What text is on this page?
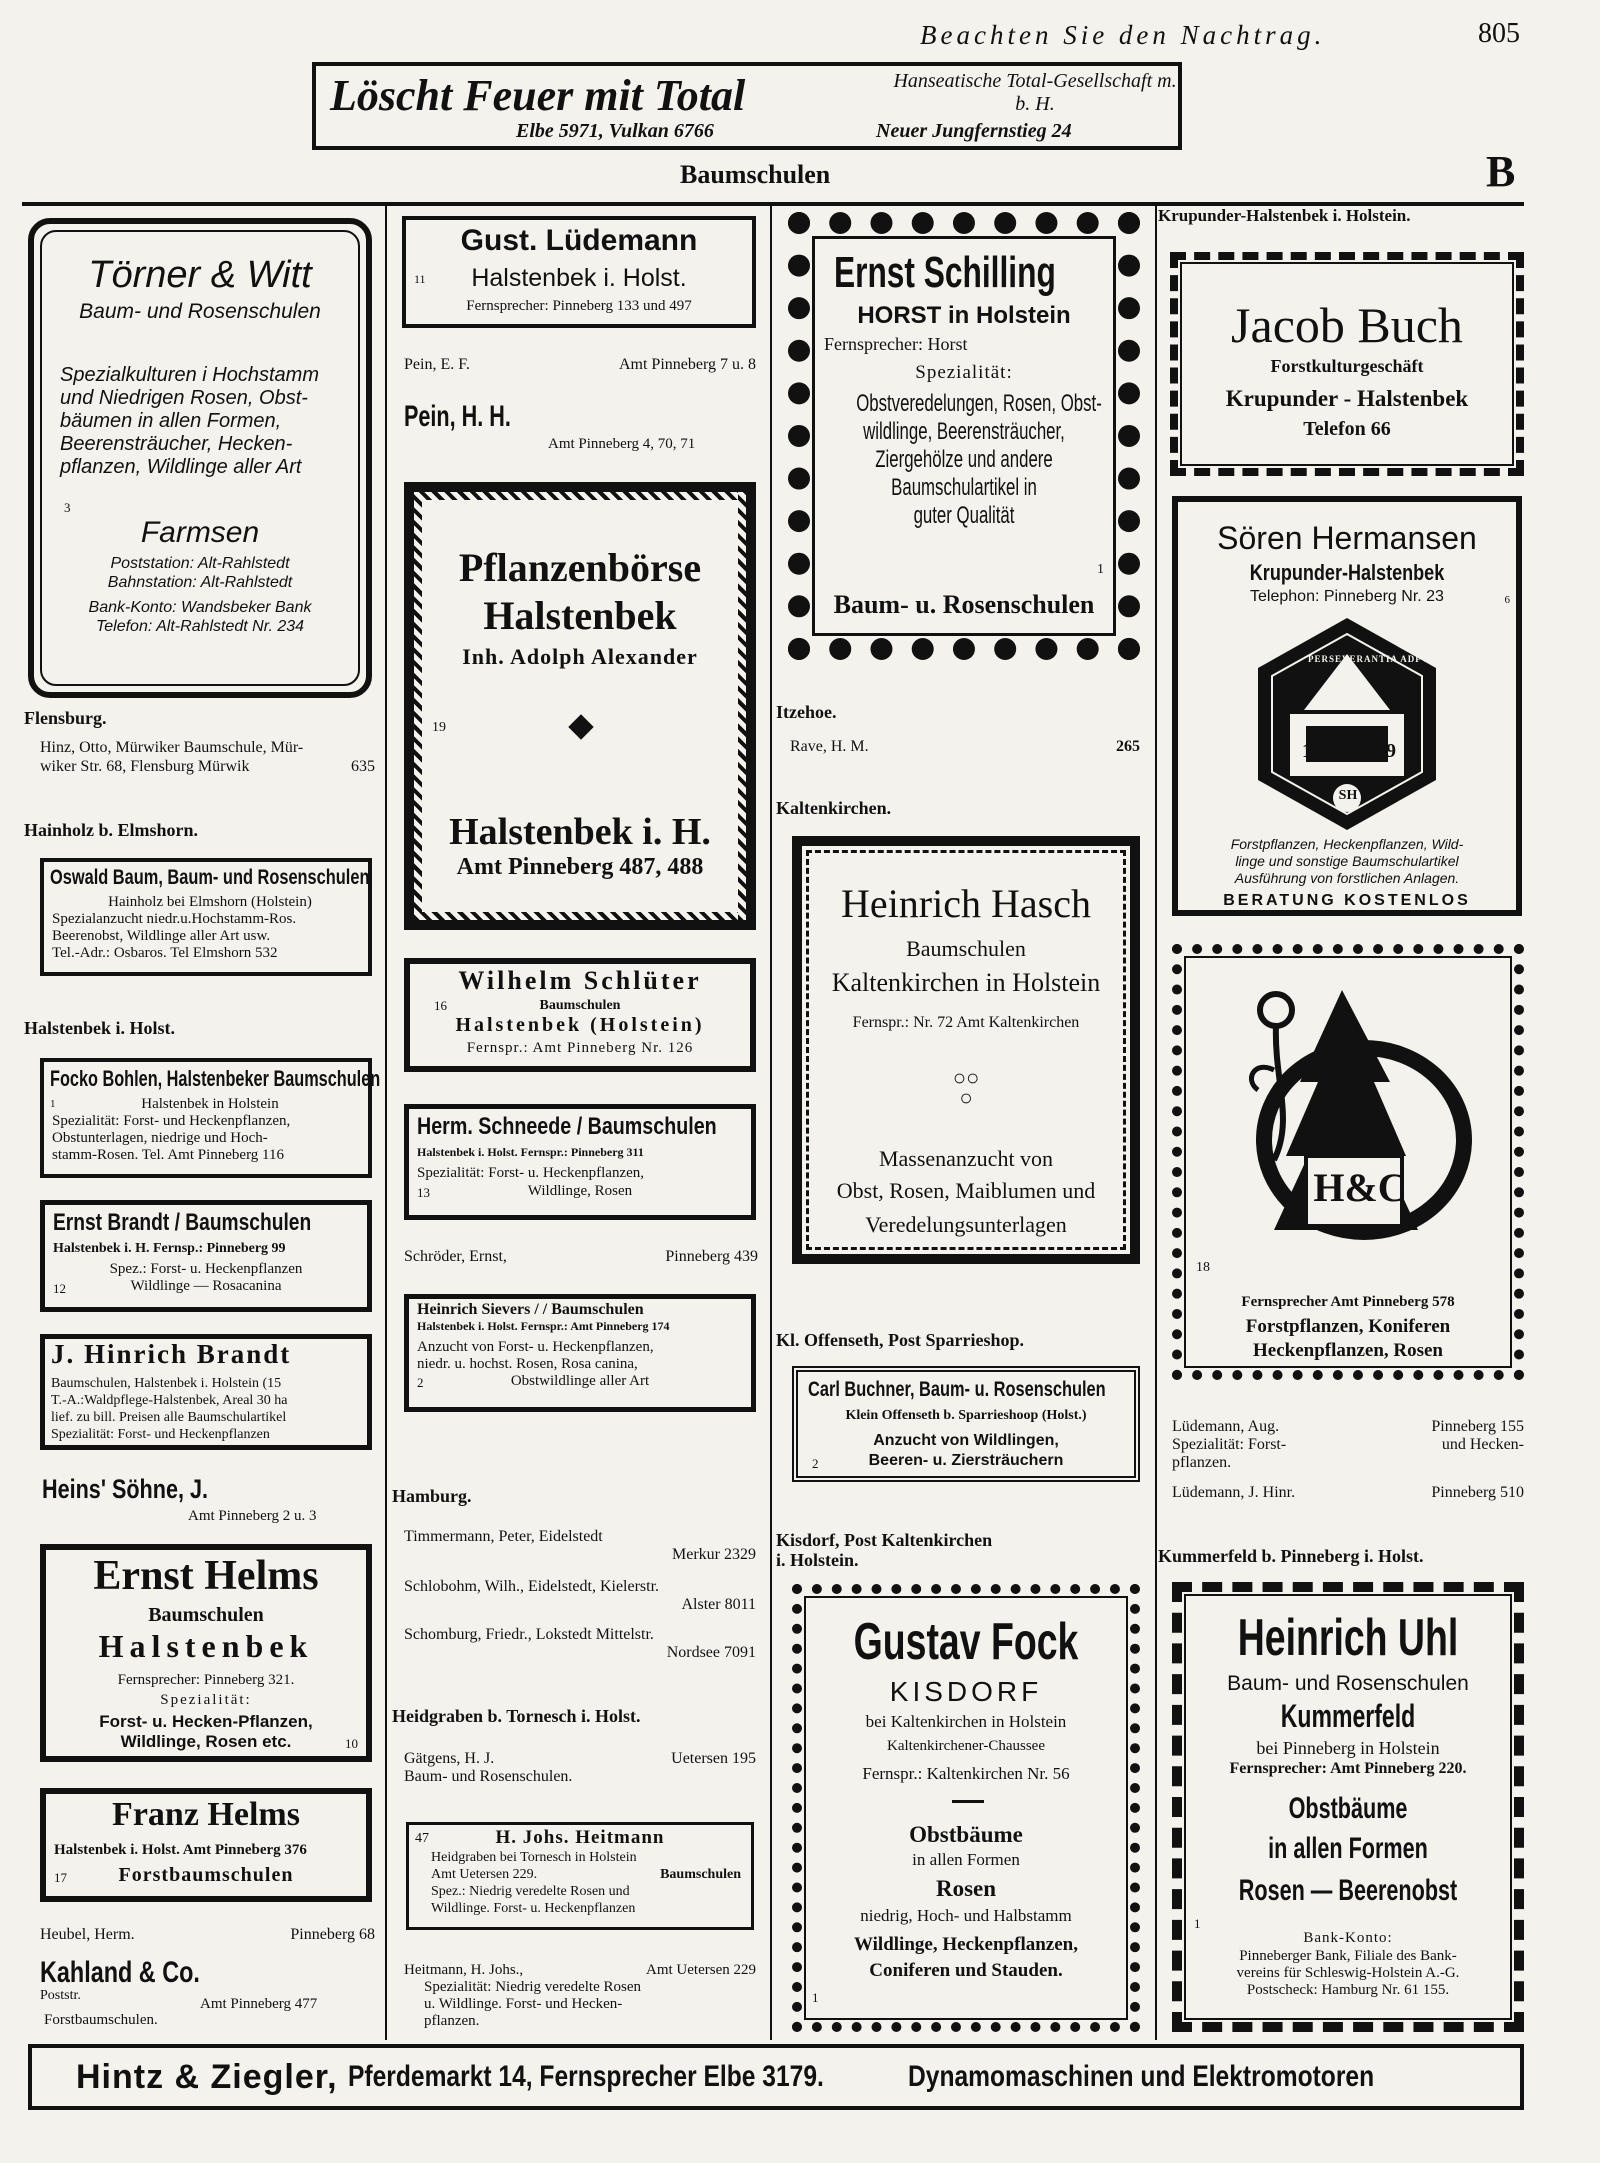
Beachten Sie den Nachtrag.	805
Löscht Feuer mit Total	Hanseatische Total-Gesellschaft m. b. H.
Elbe 5971, Vulkan 6766	Neuer Jungfernstieg 24
Baumschulen	B
Törner & Witt
Baum- und Rosenschulen
Spezialkulturen i Hochstamm
und Niedrigen Rosen, Obst-
bäumen in allen Formen,
Beerensträucher, Hecken-
pflanzen, Wildlinge aller Art
3
Farmsen
Poststation: Alt-Rahlstedt
Bahnstation: Alt-Rahlstedt
Bank-Konto: Wandsbeker Bank
Telefon: Alt-Rahlstedt Nr. 234
Flensburg.
Hinz, Otto, Mürwiker Baumschule, Mür-
wiker Str. 68, Flensburg Mürwik	635
Hainholz b. Elmshorn.
Oswald Baum, Baum- und Rosenschulen
Hainholz bei Elmshorn (Holstein)
Spezialanzucht niedr.u.Hochstamm-Ros.
Beerenobst, Wildlinge aller Art usw.
Tel.-Adr.: Osbaros. Tel Elmshorn 532
Halstenbek i. Holst.
Focko Bohlen, Halstenbeker Baumschulen
1	Halstenbek in Holstein
Spezialität: Forst- und Heckenpflanzen,
Obstunterlagen, niedrige und Hoch-
stamm-Rosen. Tel. Amt Pinneberg 116
Ernst Brandt / Baumschulen
Halstenbek i. H. Fernsp.: Pinneberg 99
Spez.: Forst- u. Heckenpflanzen
Wildlinge — Rosacanina
12
J. Hinrich Brandt
Baumschulen, Halstenbek i. Holstein (15
T.-A.:Waldpflege-Halstenbek, Areal 30 ha
lief. zu bill. Preisen alle Baumschulartikel
Spezialität: Forst- und Heckenpflanzen
Heins' Söhne, J.
Amt Pinneberg 2 u. 3
Ernst Helms
Baumschulen
Halstenbek
Fernsprecher: Pinneberg 321.
Spezialität:
Forst- u. Hecken-Pflanzen,
Wildlinge, Rosen etc.	10
Franz Helms
Halstenbek i. Holst. Amt Pinneberg 376
17	Forstbaumschulen
Heubel, Herm.	Pinneberg 68
Kahland & Co.
Poststr.
Amt Pinneberg 477
Forstbaumschulen.
Gust. Lüdemann
11	Halstenbek i. Holst.
Fernsprecher: Pinneberg 133 und 497
Pein, E. F.	Amt Pinneberg 7 u. 8
Pein, H. H.
Amt Pinneberg 4, 70, 71
Pflanzenbörse
Halstenbek
Inh. Adolph Alexander
19
Halstenbek i. H.
Amt Pinneberg 487, 488
Wilhelm Schlüter
16	Baumschulen
Halstenbek (Holstein)
Fernspr.: Amt Pinneberg Nr. 126
Herm. Schneede / Baumschulen
Halstenbek i. Holst. Fernspr.: Pinneberg 311
Spezialität: Forst- u. Heckenpflanzen,
13	Wildlinge, Rosen
Schröder, Ernst,	Pinneberg 439
Heinrich Sievers / / Baumschulen
Halstenbek i. Holst. Fernspr.: Amt Pinneberg 174
Anzucht von Forst- u. Heckenpflanzen,
niedr. u. hochst. Rosen, Rosa canina,
2	Obstwildlinge aller Art
Hamburg.
Timmermann, Peter, Eidelstedt
Merkur 2329
Schlobohm, Wilh., Eidelstedt, Kielerstr.
Alster 8011
Schomburg, Friedr., Lokstedt Mittelstr.
Nordsee 7091
Heidgraben b. Tornesch i. Holst.
Gätgens, H. J.	Uetersen 195
Baum- und Rosenschulen.
47	H. Johs. Heitmann
Heidgraben bei Tornesch in Holstein
Amt Uetersen 229.	Baumschulen
Spez.: Niedrig veredelte Rosen und
Wildlinge. Forst- u. Heckenpflanzen
Heitmann, H. Johs.,	Amt Uetersen 229
Spezialität: Niedrig veredelte Rosen
u. Wildlinge. Forst- und Hecken-
pflanzen.
Ernst Schilling
HORST in Holstein
Fernsprecher: Horst
Spezialität:
Obstveredelungen, Rosen, Obst-
wildlinge, Beerensträucher,
Ziergehölze und andere
Baumschulartikel in
guter Qualität
1
Baum- u. Rosenschulen
Itzehoe.
Rave, H. M.	265
Kaltenkirchen.
Heinrich Hasch
Baumschulen
Kaltenkirchen in Holstein
Fernspr.: Nr. 72 Amt Kaltenkirchen
○○
○
Massenanzucht von
Obst, Rosen, Maiblumen und
Veredelungsunterlagen
Kl. Offenseth, Post Sparrieshop.
Carl Buchner, Baum- u. Rosenschulen
Klein Offenseth b. Sparrieshoop (Holst.)
Anzucht von Wildlingen,
2	Beeren- u. Ziersträuchern
Kisdorf, Post Kaltenkirchen
i. Holstein.
Gustav Fock
KISDORF
bei Kaltenkirchen in Holstein
Kaltenkirchener-Chaussee
Fernspr.: Kaltenkirchen Nr. 56
Obstbäume
in allen Formen
Rosen
niedrig, Hoch- und Halbstamm
Wildlinge, Heckenpflanzen,
Coniferen und Stauden.
1
Krupunder-Halstenbek i. Holstein.
Jacob Buch
Forstkulturgeschäft
Krupunder - Halstenbek
Telefon 66
Sören Hermansen
Krupunder-Halstenbek
Telephon: Pinneberg Nr. 23	6
PERSEVERANTIA ADFVITAM
1919
SH
Forstpflanzen, Heckenpflanzen, Wild-
linge und sonstige Baumschulartikel
Ausführung von forstlichen Anlagen.
BERATUNG KOSTENLOS
H&C
18
Fernsprecher Amt Pinneberg 578
Forstpflanzen, Koniferen
Heckenpflanzen, Rosen
Lüdemann, Aug.	Pinneberg 155
Spezialität: Forst-	und Hecken-
pflanzen.
Lüdemann, J. Hinr.	Pinneberg 510
Kummerfeld b. Pinneberg i. Holst.
Heinrich Uhl
Baum- und Rosenschulen
Kummerfeld
bei Pinneberg in Holstein
Fernsprecher: Amt Pinneberg 220.
Obstbäume
in allen Formen
Rosen — Beerenobst
1
Bank-Konto:
Pinneberger Bank, Filiale des Bank-
vereins für Schleswig-Holstein A.-G.
Postscheck: Hamburg Nr. 61 155.
Hintz & Ziegler, Pferdemarkt 14, Fernsprecher Elbe 3179.	Dynamomaschinen und Elektromotoren
